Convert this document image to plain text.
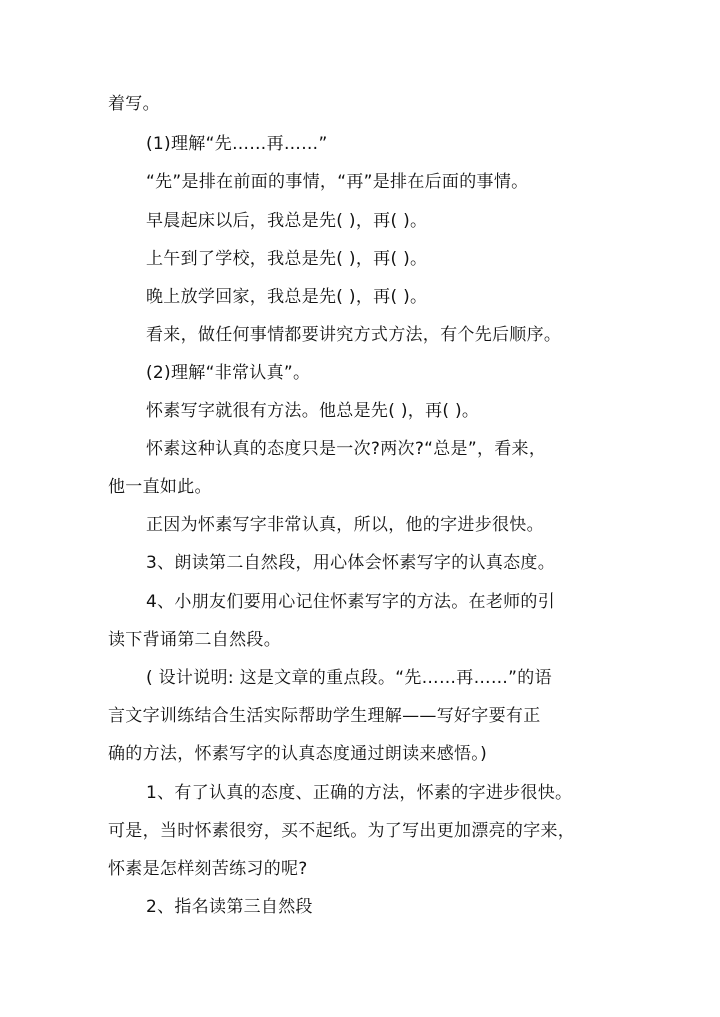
着写。
(1)理解“先……再……”
“先”是排在前面的事情，“再”是排在后面的事情。
早晨起床以后，我总是先( )，再( )。
上午到了学校，我总是先( )，再( )。
晚上放学回家，我总是先( )，再( )。
看来，做任何事情都要讲究方式方法，有个先后顺序。
(2)理解“非常认真”。
怀素写字就很有方法。他总是先( )，再( )。
怀素这种认真的态度只是一次?两次?“总是”，看来，
他一直如此。
正因为怀素写字非常认真，所以，他的字进步很快。
3、朗读第二自然段，用心体会怀素写字的认真态度。
4、小朋友们要用心记住怀素写字的方法。在老师的引
读下背诵第二自然段。
( 设计说明: 这是文章的重点段。“先……再……”的语
言文字训练结合生活实际帮助学生理解——写好字要有正
确的方法，怀素写字的认真态度通过朗读来感悟。)
1、有了认真的态度、正确的方法，怀素的字进步很快。
可是，当时怀素很穷，买不起纸。为了写出更加漂亮的字来，
怀素是怎样刻苦练习的呢?
2、指名读第三自然段
